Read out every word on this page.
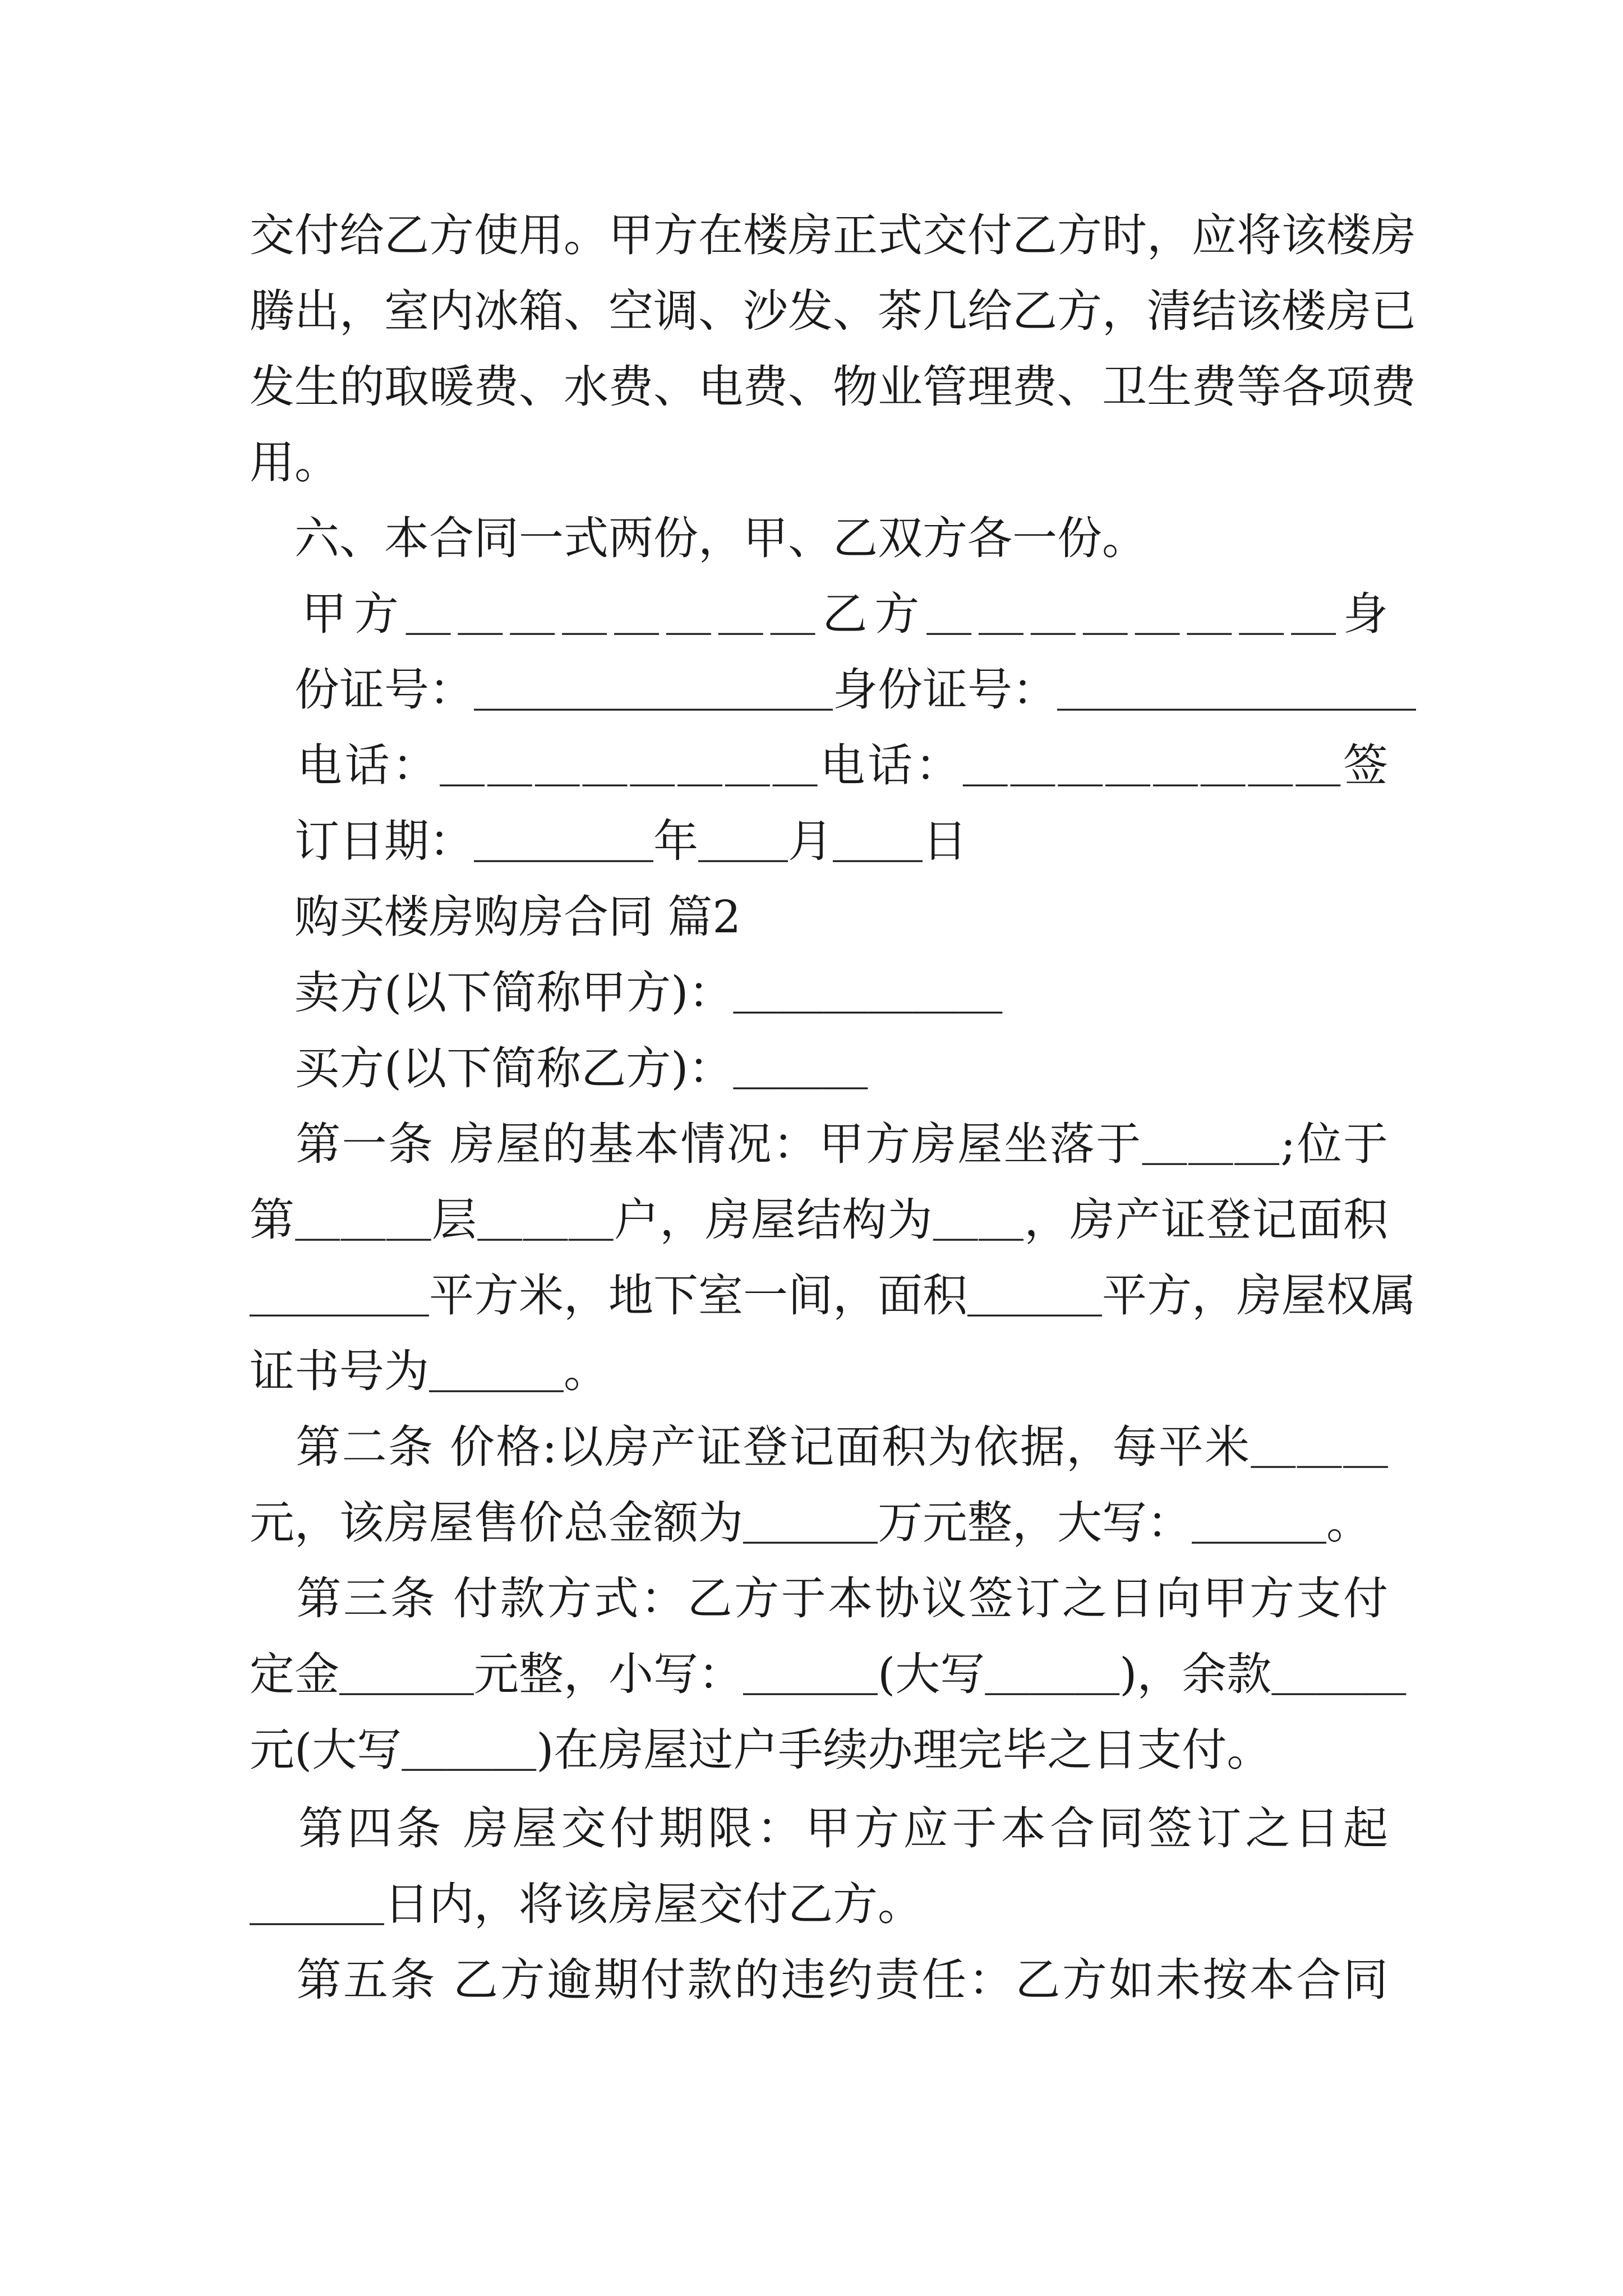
交付给乙方使用。甲方在楼房正式交付乙方时，应将该楼房
腾出，室内冰箱、空调、沙发、茶几给乙方，清结该楼房已
发生的取暖费、水费、电费、物业管理费、卫生费等各项费
用。
　六、本合同一式两份，甲、乙双方各一份。
　甲方＿＿＿＿＿＿＿＿乙方＿＿＿＿＿＿＿＿身
　份证号：＿＿＿＿＿＿＿＿身份证号：＿＿＿＿＿＿＿＿
　电话：＿＿＿＿＿＿＿＿电话：＿＿＿＿＿＿＿＿签
　订日期：＿＿＿＿年＿＿月＿＿日
　购买楼房购房合同 篇2
　卖方(以下简称甲方)：＿＿＿＿＿＿
　买方(以下简称乙方)：＿＿＿
　第一条 房屋的基本情况：甲方房屋坐落于＿＿＿;位于
第＿＿＿层＿＿＿户，房屋结构为＿＿，房产证登记面积
＿＿＿＿平方米，地下室一间，面积＿＿＿平方，房屋权属
证书号为＿＿＿。
　第二条 价格:以房产证登记面积为依据，每平米＿＿＿
元，该房屋售价总金额为＿＿＿万元整，大写：＿＿＿。
　第三条 付款方式：乙方于本协议签订之日向甲方支付
定金＿＿＿元整，小写：＿＿＿(大写＿＿＿)，余款＿＿＿
元(大写＿＿＿)在房屋过户手续办理完毕之日支付。
　第四条 房屋交付期限：甲方应于本合同签订之日起
＿＿＿日内，将该房屋交付乙方。
　第五条 乙方逾期付款的违约责任：乙方如未按本合同
